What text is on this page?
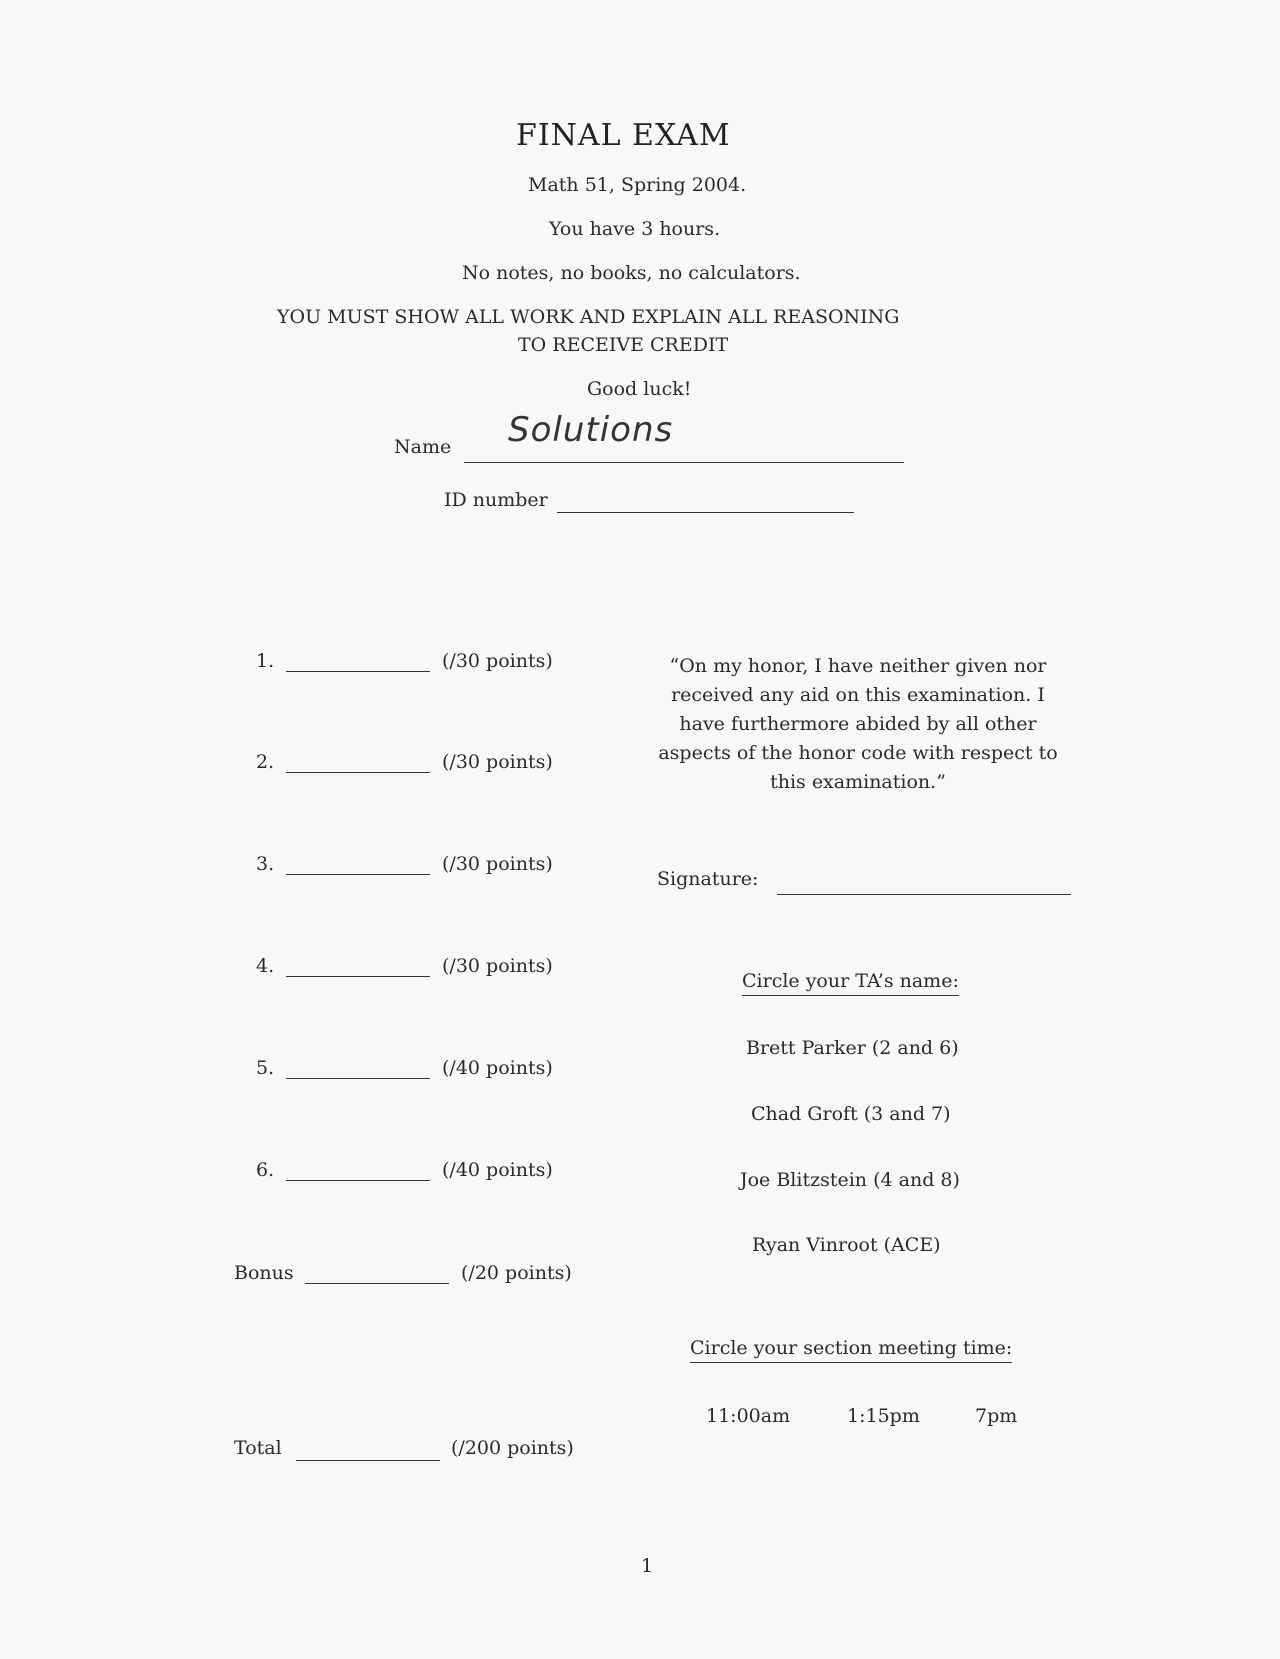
FINAL EXAM
Math 51, Spring 2004.
You have 3 hours.
No notes, no books, no calculators.
YOU MUST SHOW ALL WORK AND EXPLAIN ALL REASONING
TO RECEIVE CREDIT
Good luck!
Name Solutions
ID number
1.	(/30 points)
2.	(/30 points)
3.	(/30 points)
4.	(/30 points)
5.	(/40 points)
6.	(/40 points)
Bonus	(/20 points)
Total	(/200 points)
“On my honor, I have neither given nor
received any aid on this examination. I
have furthermore abided by all other
aspects of the honor code with respect to
this examination.”
Signature:
Circle your TA’s name:
Brett Parker (2 and 6)
Chad Groft (3 and 7)
Joe Blitzstein (4 and 8)
Ryan Vinroot (ACE)
Circle your section meeting time:
11:00am	1:15pm	7pm
1
